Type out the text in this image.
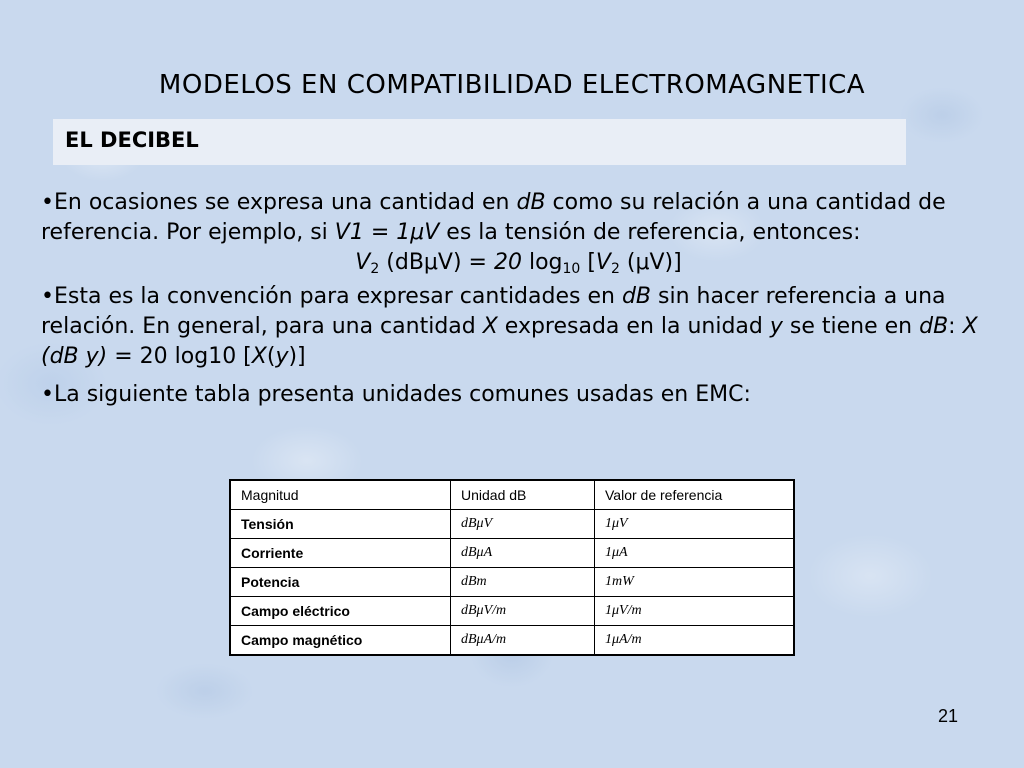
MODELOS EN COMPATIBILIDAD ELECTROMAGNETICA
EL DECIBEL

•En ocasiones se expresa una cantidad en dB como su relación a una cantidad de referencia. Por ejemplo, si V1 = 1μV es la tensión de referencia, entonces:

$V_2$ (dBμV) = 20 $\log_{10} [V_2$ (μV)]

•Esta es la convención para expresar cantidades en dB sin hacer referencia a una relación. En general, para una cantidad X expresada en la unidad y se tiene en dB: X (dB y) = 20 log10 [X(y)]

•La siguiente tabla presenta unidades comunes usadas en EMC:

Magnitud	Unidad dB	Valor de referencia
Tensión	dBμV	1μV
Corriente	dBμA	1μA
Potencia	dBm	1mW
Campo eléctrico	dBμV/m	1μV/m
Campo magnético	dBμA/m	1μA/m
21
